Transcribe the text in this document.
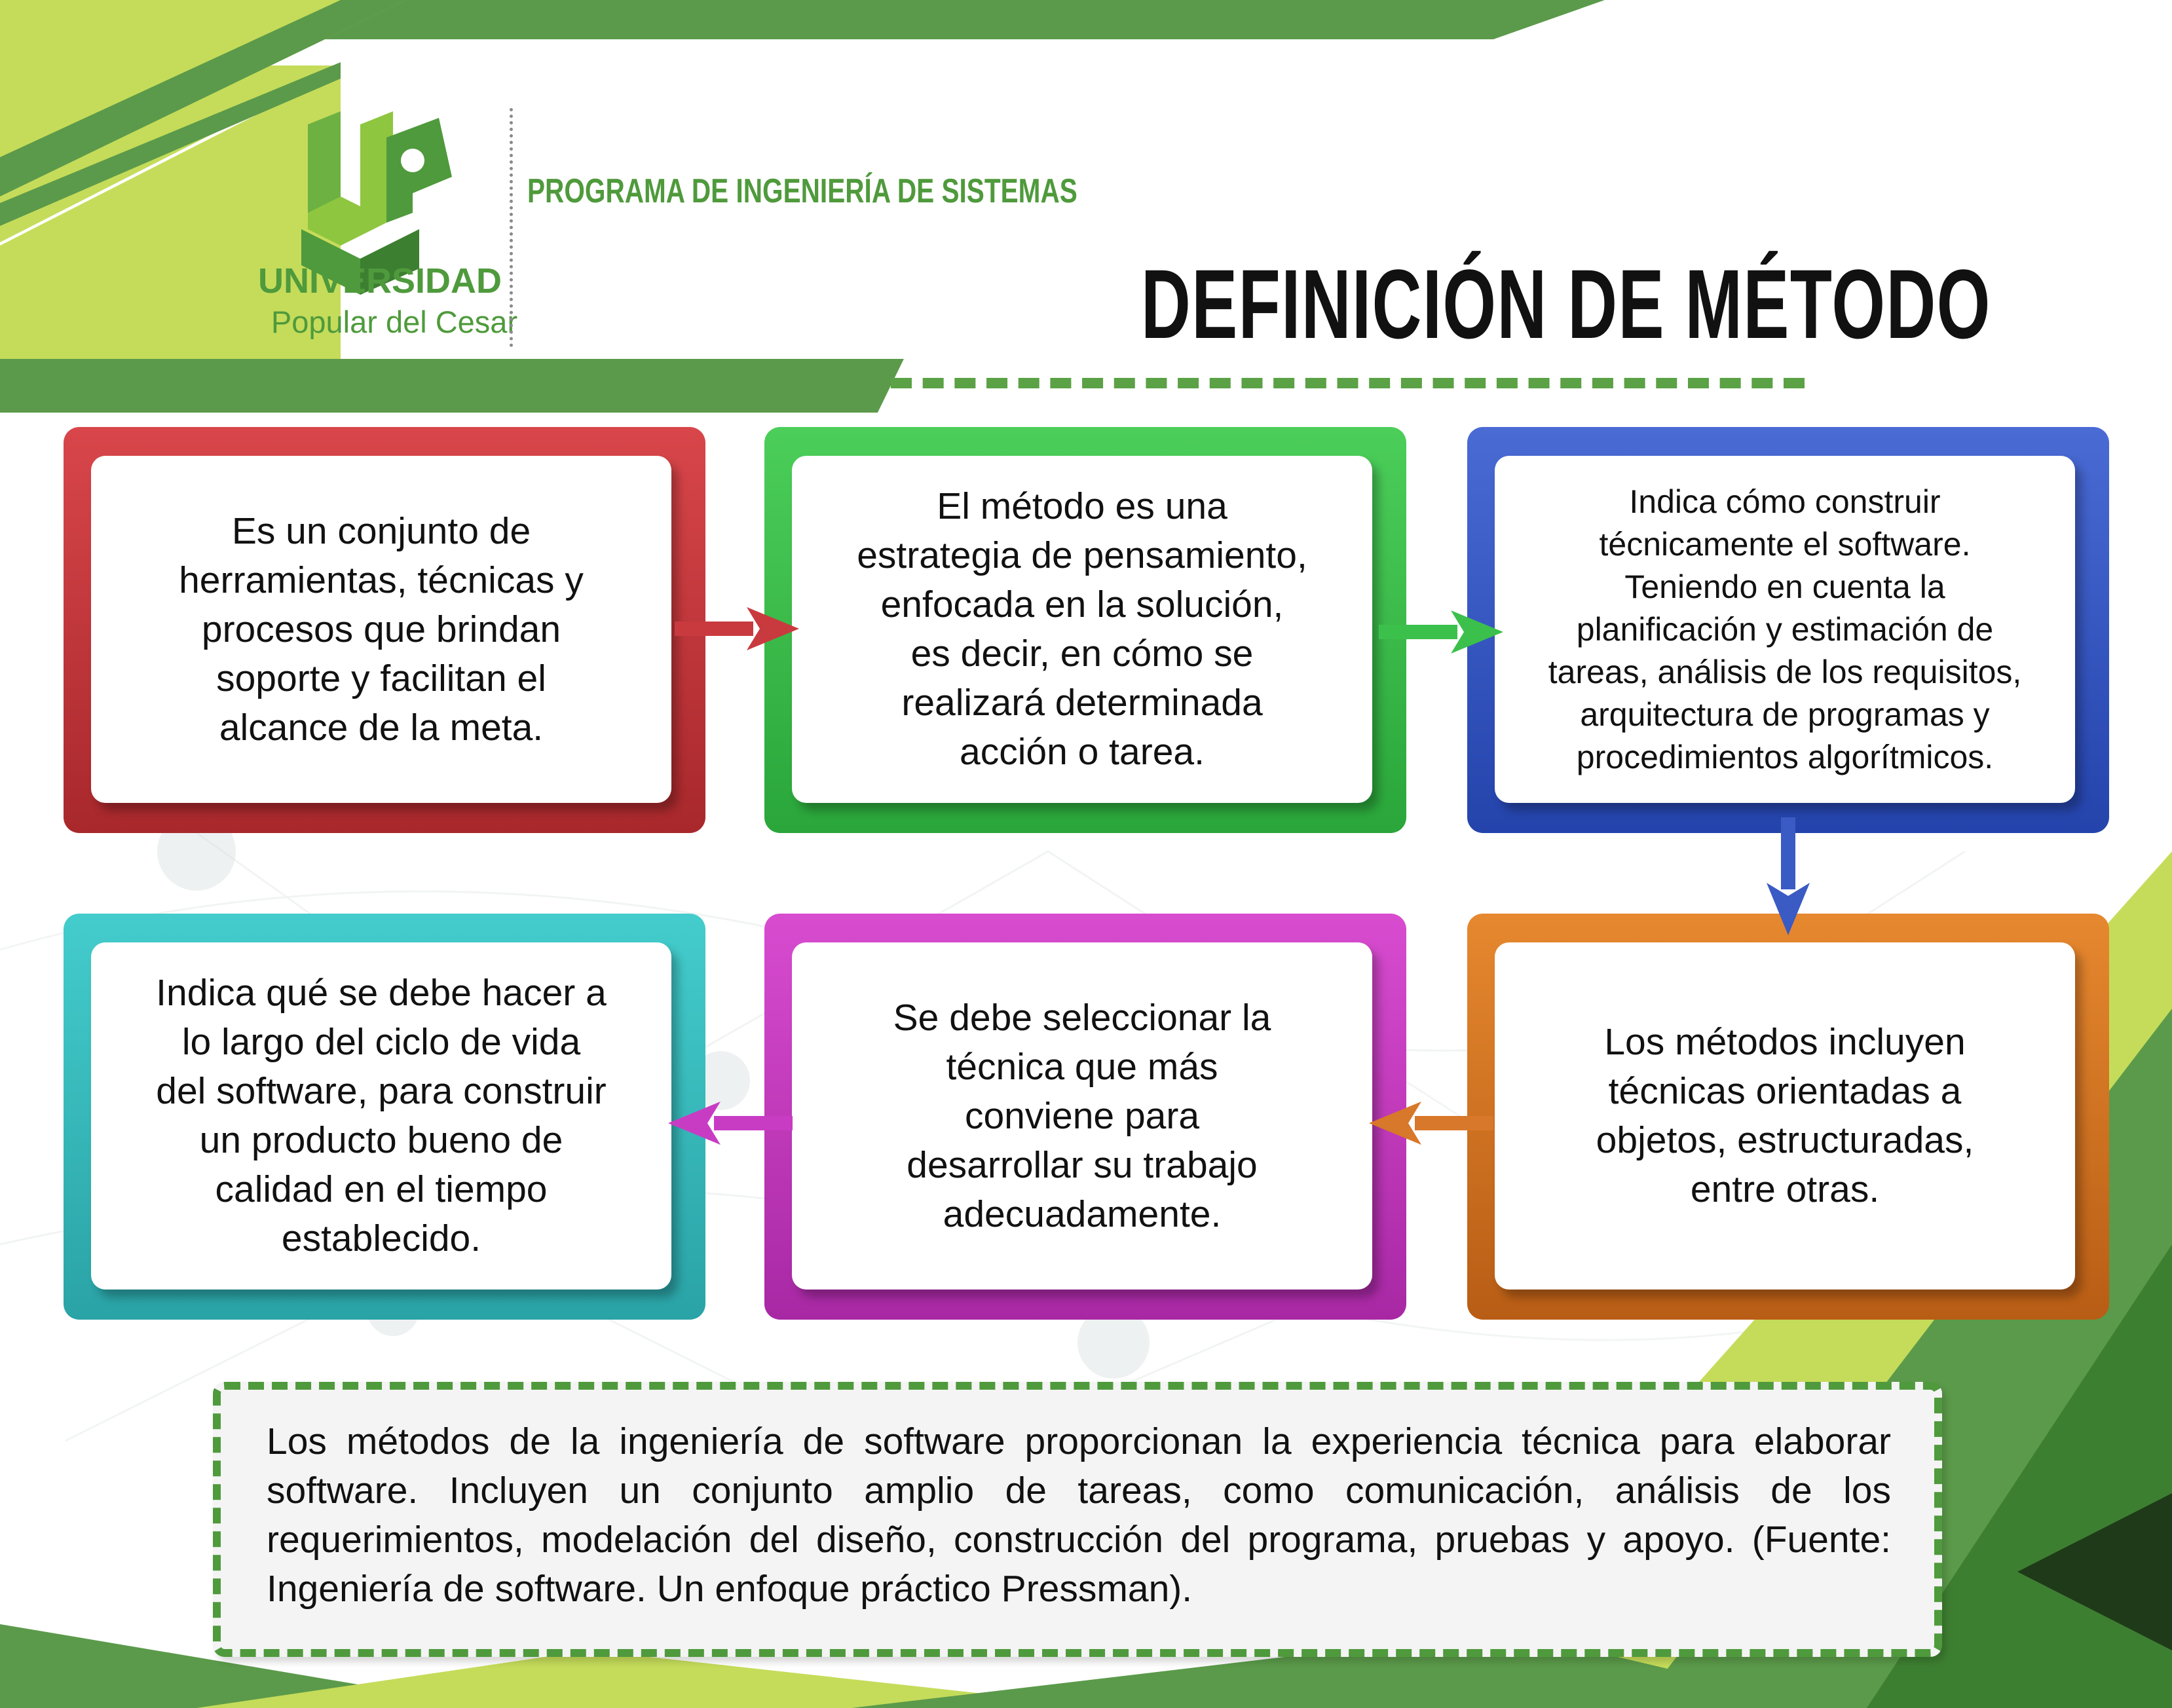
UNIVERSIDAD
Popular del Cesar
PROGRAMA DE INGENIERÍA DE SISTEMAS
DEFINICIÓN DE MÉTODO
Es un conjunto de
herramientas, técnicas y
procesos que brindan
soporte y facilitan el
alcance de la meta.
El método es una
estrategia de pensamiento,
enfocada en la solución,
es decir, en cómo se
realizará determinada
acción o tarea.
Indica cómo construir
técnicamente el software.
Teniendo en cuenta la
planificación y estimación de
tareas, análisis de los requisitos,
arquitectura de programas y
procedimientos algorítmicos.
Los métodos incluyen
técnicas orientadas a
objetos, estructuradas,
entre otras.
Se debe seleccionar la
técnica que más
conviene para
desarrollar su trabajo
adecuadamente.
Indica qué se debe hacer a
lo largo del ciclo de vida
del software, para construir
un producto bueno de
calidad en el tiempo
establecido.
Los métodos de la ingeniería de software proporcionan la experiencia técnica para elaborar software. Incluyen un conjunto amplio de tareas, como comunicación, análisis de los requerimientos, modelación del diseño, construcción del programa, pruebas y apoyo. (Fuente: Ingeniería de software. Un enfoque práctico Pressman).
